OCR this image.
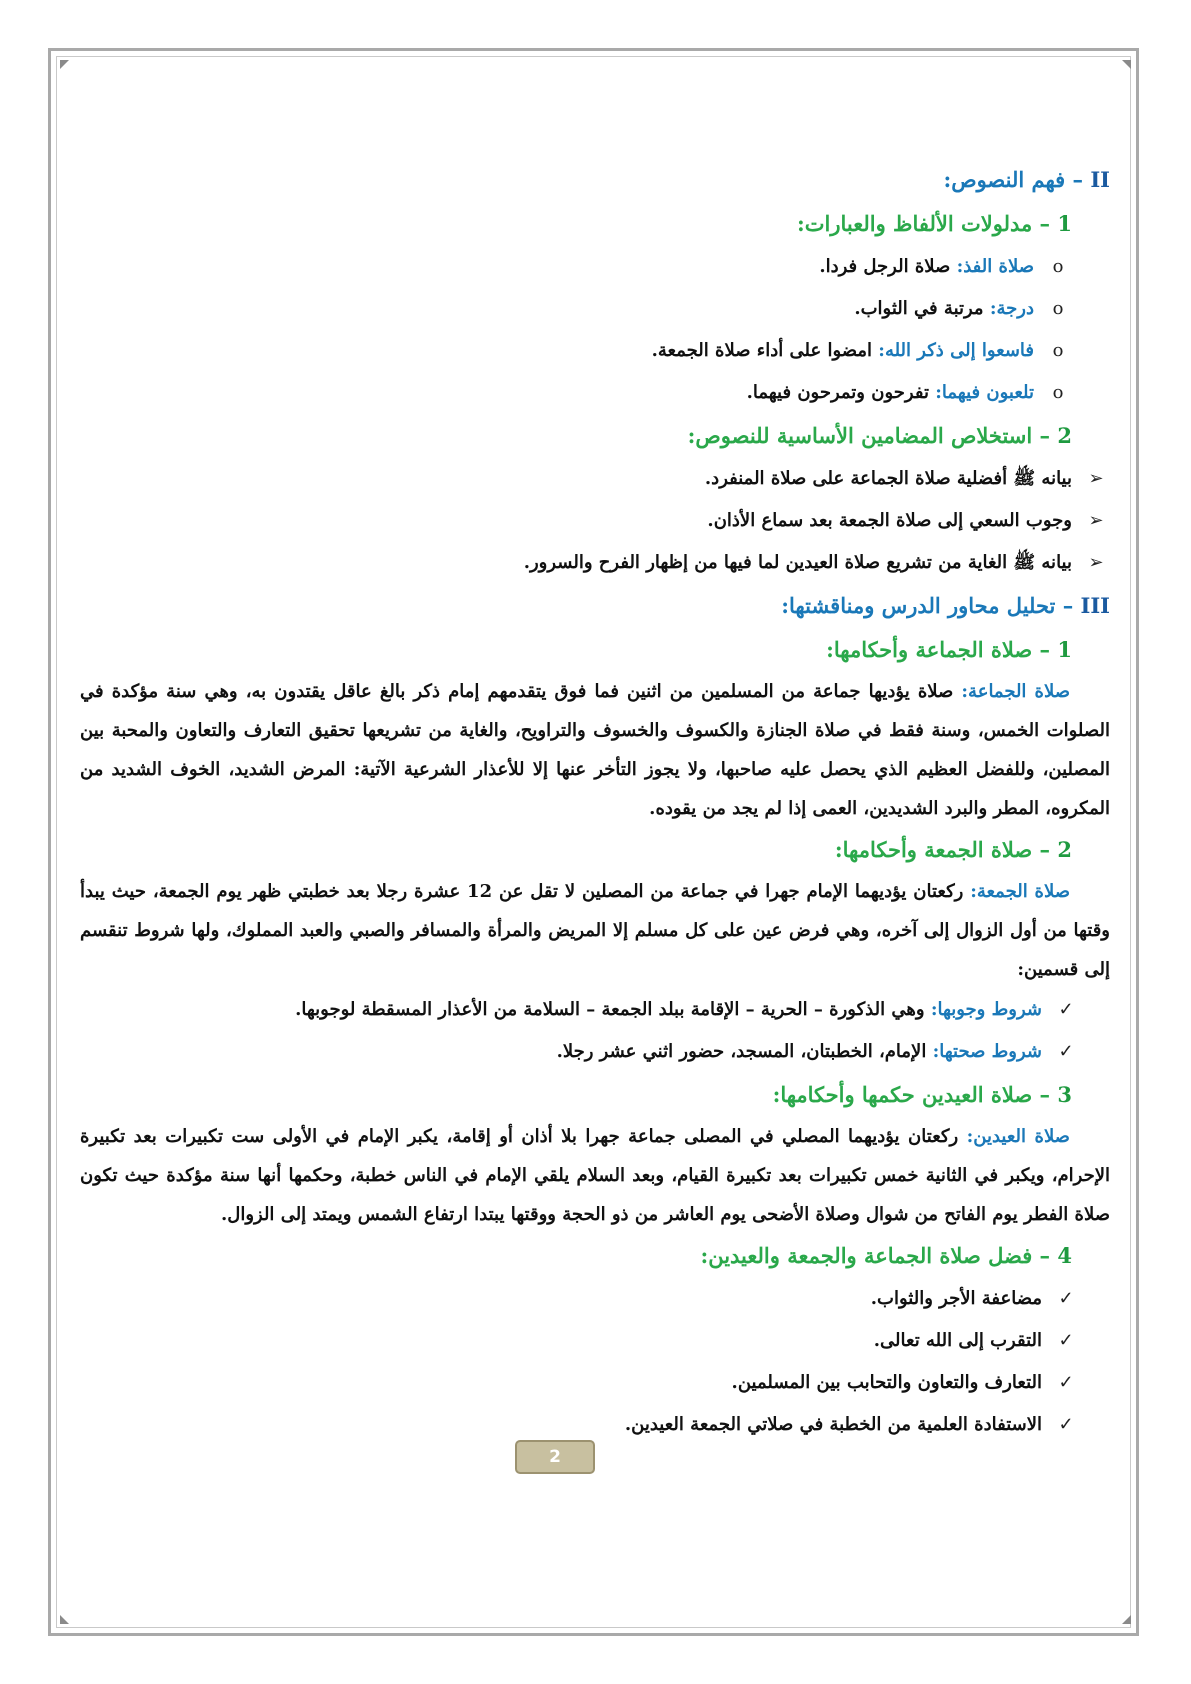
II – فهم النصوص:
1 – مدلولات الألفاظ والعبارات:
oصلاة الفذ: صلاة الرجل فردا.
oدرجة: مرتبة في الثواب.
oفاسعوا إلى ذكر الله: امضوا على أداء صلاة الجمعة.
oتلعبون فيهما: تفرحون وتمرحون فيهما.
2 – استخلاص المضامين الأساسية للنصوص:
➢بيانه ﷺ أفضلية صلاة الجماعة على صلاة المنفرد.
➢وجوب السعي إلى صلاة الجمعة بعد سماع الأذان.
➢بيانه ﷺ الغاية من تشريع صلاة العيدين لما فيها من إظهار الفرح والسرور.
III – تحليل محاور الدرس ومناقشتها:
1 – صلاة الجماعة وأحكامها:

صلاة الجماعة: صلاة يؤديها جماعة من المسلمين من اثنين فما فوق يتقدمهم إمام ذكر بالغ عاقل يقتدون به، وهي سنة مؤكدة في الصلوات الخمس، وسنة فقط في صلاة الجنازة والكسوف والخسوف والتراويح، والغاية من تشريعها تحقيق التعارف والتعاون والمحبة بين المصلين، وللفضل العظيم الذي يحصل عليه صاحبها، ولا يجوز التأخر عنها إلا للأعذار الشرعية الآتية: المرض الشديد، الخوف الشديد من المكروه، المطر والبرد الشديدين، العمى إذا لم يجد من يقوده.

2 – صلاة الجمعة وأحكامها:

صلاة الجمعة: ركعتان يؤديهما الإمام جهرا في جماعة من المصلين لا تقل عن 12 عشرة رجلا بعد خطبتي ظهر يوم الجمعة، حيث يبدأ وقتها من أول الزوال إلى آخره، وهي فرض عين على كل مسلم إلا المريض والمرأة والمسافر والصبي والعبد المملوك، ولها شروط تنقسم إلى قسمين:

✓شروط وجوبها: وهي الذكورة – الحرية – الإقامة ببلد الجمعة – السلامة من الأعذار المسقطة لوجوبها.
✓شروط صحتها: الإمام، الخطبتان، المسجد، حضور اثني عشر رجلا.
3 – صلاة العيدين حكمها وأحكامها:

صلاة العيدين: ركعتان يؤديهما المصلي في المصلى جماعة جهرا بلا أذان أو إقامة، يكبر الإمام في الأولى ست تكبيرات بعد تكبيرة الإحرام، ويكبر في الثانية خمس تكبيرات بعد تكبيرة القيام، وبعد السلام يلقي الإمام في الناس خطبة، وحكمها أنها سنة مؤكدة حيث تكون صلاة الفطر يوم الفاتح من شوال وصلاة الأضحى يوم العاشر من ذو الحجة ووقتها يبتدا ارتفاع الشمس ويمتد إلى الزوال.

4 – فضل صلاة الجماعة والجمعة والعيدين:
✓مضاعفة الأجر والثواب.
✓التقرب إلى الله تعالى.
✓التعارف والتعاون والتحابب بين المسلمين.
✓الاستفادة العلمية من الخطبة في صلاتي الجمعة العيدين.
2
